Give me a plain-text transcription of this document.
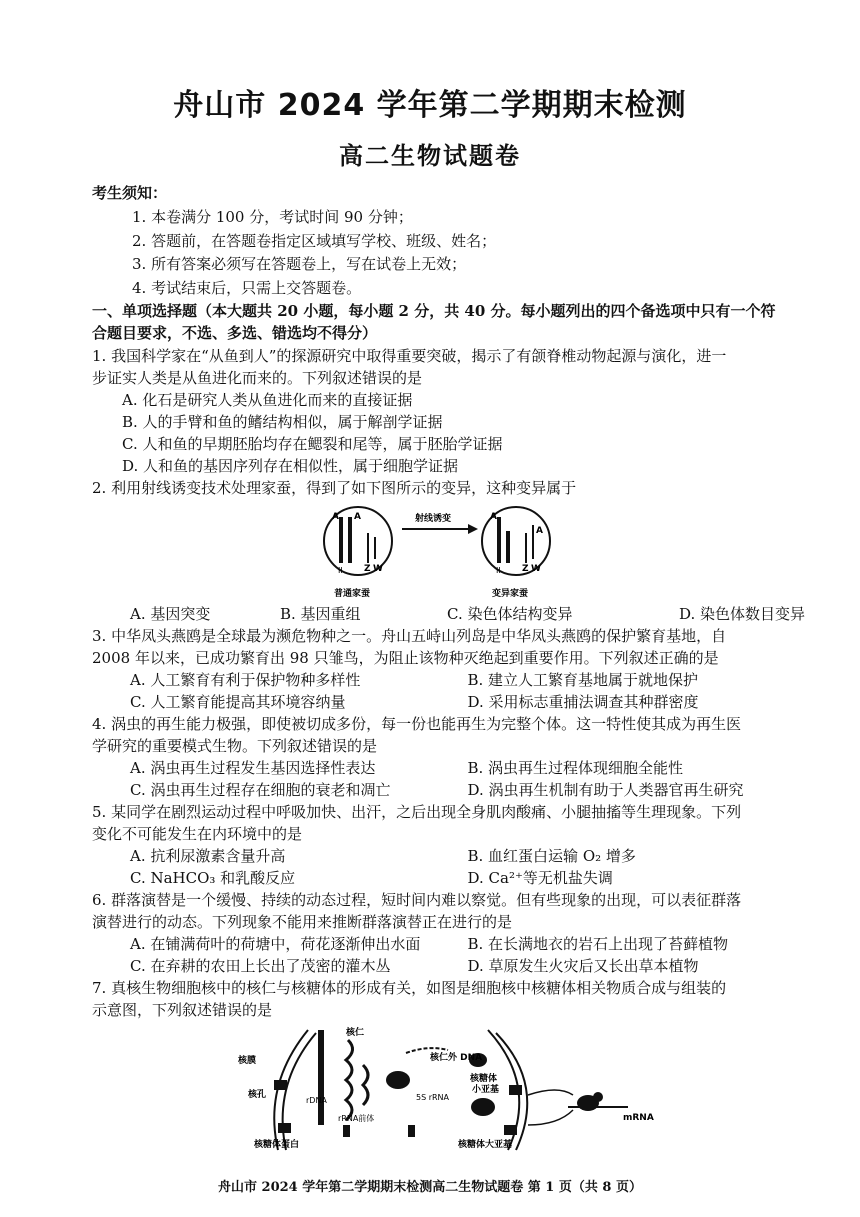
舟山市 2024 学年第二学期期末检测
高二生物试题卷
考生须知：
1. 本卷满分 100 分，考试时间 90 分钟；
2. 答题前，在答题卷指定区域填写学校、班级、姓名；
3. 所有答案必须写在答题卷上，写在试卷上无效；
4. 考试结束后，只需上交答题卷。
一、单项选择题（本大题共 20 小题，每小题 2 分，共 40 分。每小题列出的四个备选项中只有一个符
合题目要求，不选、多选、错选均不得分）
1. 我国科学家在“从鱼到人”的探源研究中取得重要突破，揭示了有颌脊椎动物起源与演化，进一
步证实人类是从鱼进化而来的。下列叙述错误的是
A. 化石是研究人类从鱼进化而来的直接证据
B. 人的手臂和鱼的鳍结构相似，属于解剖学证据
C. 人和鱼的早期胚胎均存在鳃裂和尾等，属于胚胎学证据
D. 人和鱼的基因序列存在相似性，属于细胞学证据
2. 利用射线诱变技术处理家蚕，得到了如下图所示的变异，这种变异属于
A A
II Z W
普通家蚕
射线诱变	A
A
II Z W
变异家蚕
A. 基因突变	B. 基因重组	C. 染色体结构变异	D. 染色体数目变异
3. 中华凤头燕鸥是全球最为濒危物种之一。舟山五峙山列岛是中华凤头燕鸥的保护繁育基地，自
2008 年以来，已成功繁育出 98 只雏鸟，为阻止该物种灭绝起到重要作用。下列叙述正确的是
A. 人工繁育有利于保护物种多样性	B. 建立人工繁育基地属于就地保护
C. 人工繁育能提高其环境容纳量	D. 采用标志重捕法调查其种群密度
4. 涡虫的再生能力极强，即使被切成多份，每一份也能再生为完整个体。这一特性使其成为再生医
学研究的重要模式生物。下列叙述错误的是
A. 涡虫再生过程发生基因选择性表达	B. 涡虫再生过程体现细胞全能性
C. 涡虫再生过程存在细胞的衰老和凋亡	D. 涡虫再生机制有助于人类器官再生研究
5. 某同学在剧烈运动过程中呼吸加快、出汗，之后出现全身肌肉酸痛、小腿抽搐等生理现象。下列
变化不可能发生在内环境中的是
A. 抗利尿激素含量升高	B. 血红蛋白运输 O₂ 增多
C. NaHCO₃ 和乳酸反应	D. Ca²⁺等无机盐失调
6. 群落演替是一个缓慢、持续的动态过程，短时间内难以察觉。但有些现象的出现，可以表征群落
演替进行的动态。下列现象不能用来推断群落演替正在进行的是
A. 在铺满荷叶的荷塘中，荷花逐渐伸出水面	B. 在长满地衣的岩石上出现了苔藓植物
C. 在弃耕的农田上长出了茂密的灌木丛	D. 草原发生火灾后又长出草本植物
7. 真核生物细胞核中的核仁与核糖体的形成有关，如图是细胞核中核糖体相关物质合成与组装的
示意图，下列叙述错误的是
核仁
核膜	核仁外 DNA
核孔
rDNA	5S rRNA
rRNA前体
核糖体
小亚基
mRNA
核糖体蛋白	核糖体大亚基
舟山市 2024 学年第二学期期末检测高二生物试题卷 第 1 页（共 8 页）
